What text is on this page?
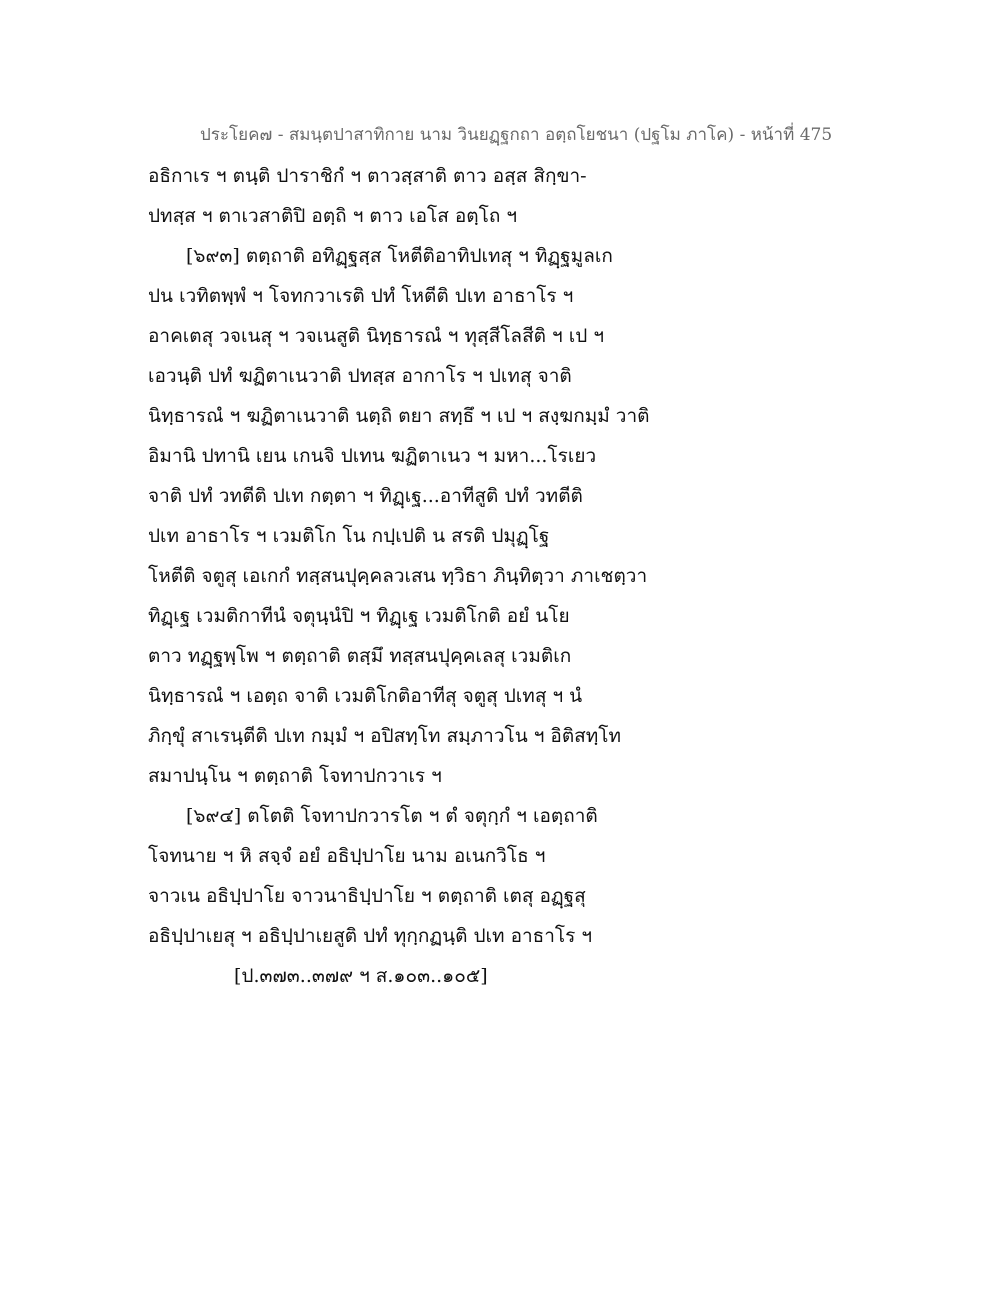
ประโยค๗ - สมนฺตปาสาทิกาย นาม วินยฏฺฐกถา อตฺถโยชนา (ปฐโม ภาโค) - หน้าที่ 475

อธิกาเร ฯ ตนฺติ ปาราชิกํ ฯ ตาวสฺสาติ ตาว อสฺส สิกฺขา-

ปทสฺส ฯ ตาเวสาติปิ อตฺถิ ฯ ตาว เอโส อตฺโถ ฯ

[๖๙๓] ตตฺถาติ อทิฏฺฐสฺส โหตีติอาทิปเทสุ ฯ ทิฏฺฐมูลเก

ปน เวทิตพฺพํ ฯ โจทกวาเรติ ปทํ โหตีติ ปเท อาธาโร ฯ

อาคเตสุ วจเนสุ ฯ วจเนสูติ นิทฺธารณํ ฯ ทุสฺสีโลสีติ ฯ เป ฯ

เอวนฺติ ปทํ ฆฏิตาเนวาติ ปทสฺส อากาโร ฯ ปเทสุ จาติ

นิทฺธารณํ ฯ ฆฏิตาเนวาติ นตฺถิ ตยา สทฺธึ ฯ เป ฯ สงฺฆกมฺมํ วาติ

อิมานิ ปทานิ เยน เกนจิ ปเทน ฆฏิตาเนว ฯ มหา...โรเยว

จาติ ปทํ วทตีติ ปเท กตฺตา ฯ ทิฏฺเฐ...อาทีสูติ ปทํ วทตีติ

ปเท อาธาโร ฯ เวมติโก โน กปฺเปติ น สรติ ปมุฏฺโฐ

โหตีติ จตูสุ เอเกกํ ทสฺสนปุคฺคลวเสน ทฺวิธา ภินฺทิตฺวา ภาเชตฺวา

ทิฏฺเฐ เวมติกาทีนํ จตุนฺนํปิ ฯ ทิฏฺเฐ เวมติโกติ อยํ นโย

ตาว ทฏฺฐพฺโพ ฯ ตตฺถาติ ตสฺมึ ทสฺสนปุคฺคเลสุ เวมติเก

นิทฺธารณํ ฯ เอตฺถ จาติ เวมติโกติอาทีสุ จตูสุ ปเทสุ ฯ นํ

ภิกฺขุํ สาเรนฺตีติ ปเท กมฺมํ ฯ อปิสทฺโท สมฺภาวโน ฯ อิติสทฺโท

สมาปนฺโน ฯ ตตฺถาติ โจทาปกวาเร ฯ

[๖๙๔] ตโตติ โจทาปกวารโต ฯ ตํ จตุกฺกํ ฯ เอตฺถาติ

โจทนาย ฯ หิ สจฺจํ อยํ อธิปฺปาโย นาม อเนกวิโธ ฯ

จาวเน อธิปฺปาโย จาวนาธิปฺปาโย ฯ ตตฺถาติ เตสุ อฏฺฐสุ

อธิปฺปาเยสุ ฯ อธิปฺปาเยสูติ ปทํ ทุกฺกฏนฺติ ปเท อาธาโร ฯ

[ป.๓๗๓..๓๗๙ ฯ ส.๑๐๓..๑๐๕]
